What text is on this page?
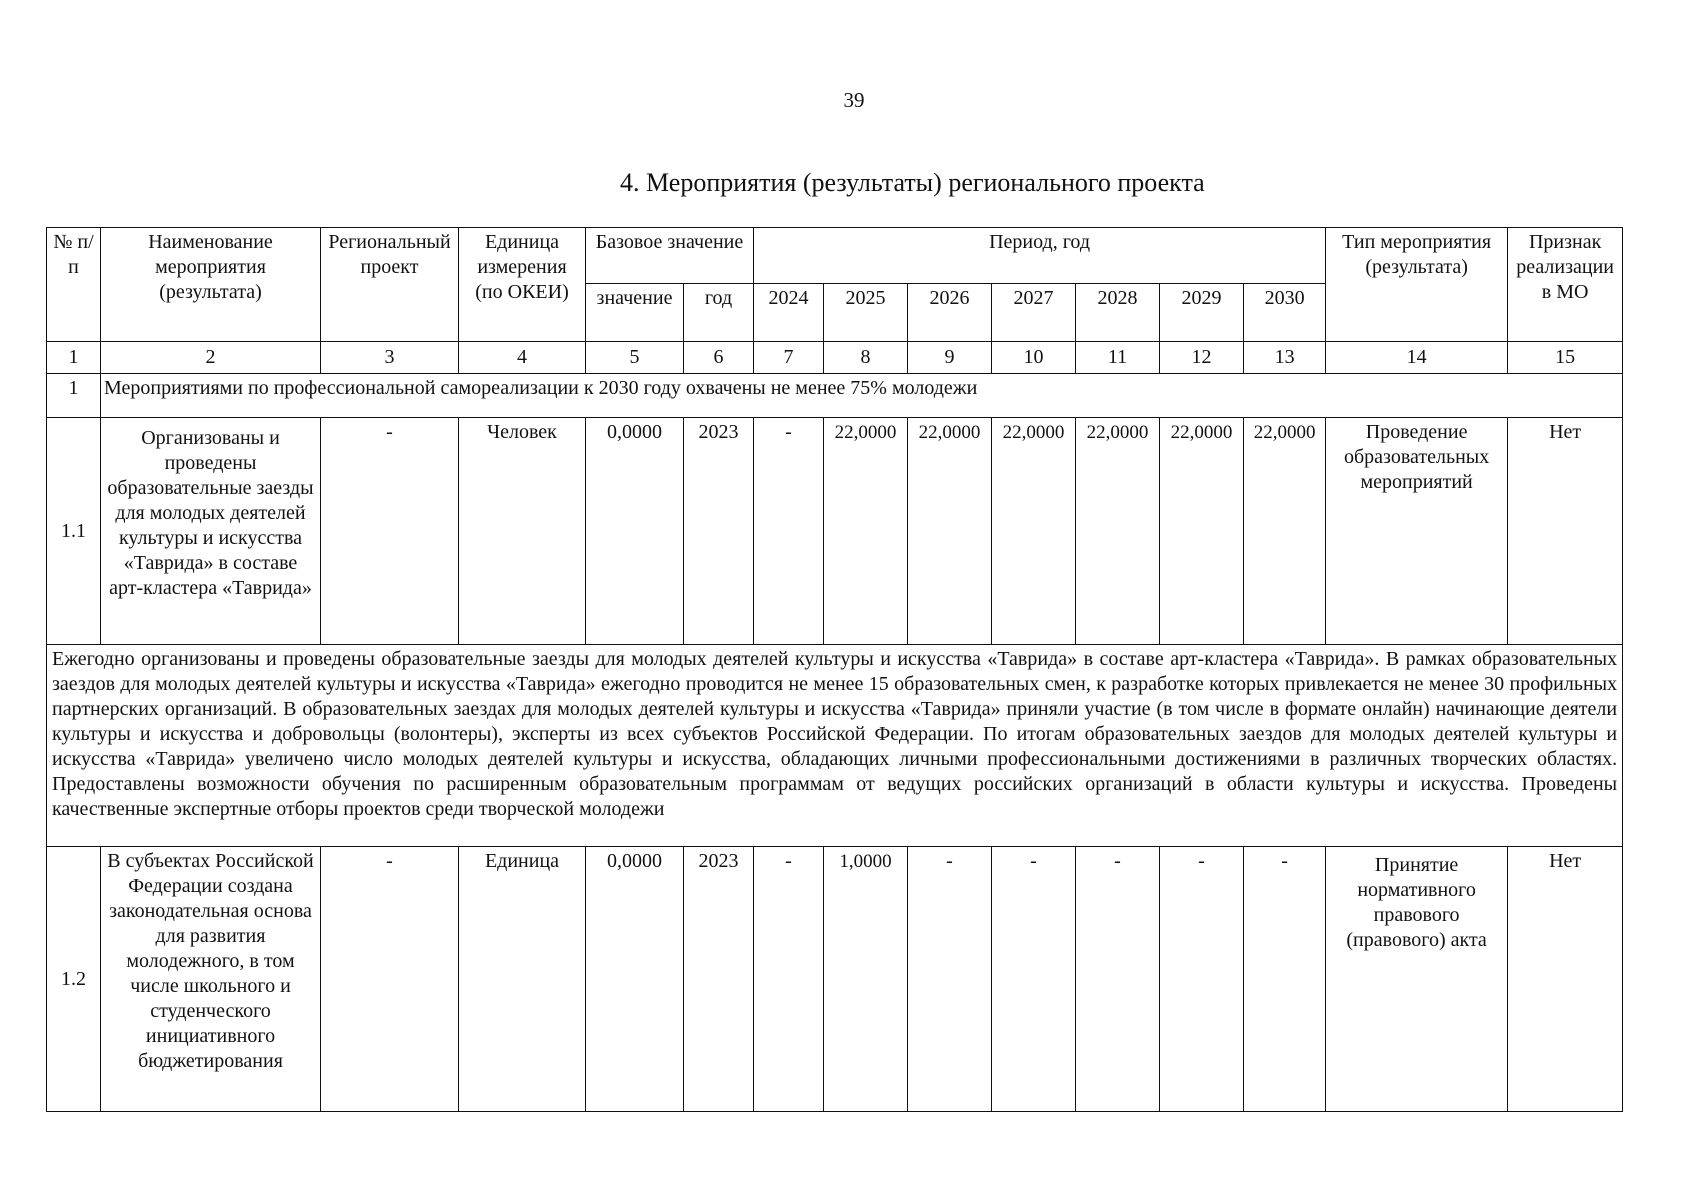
39
4. Мероприятия (результаты) регионального проекта
№ п/п	Наименование мероприятия (результата)	Региональный проект	Единица измерения (по ОКЕИ)	Базовое значение		Период, год							Тип мероприятия (результата)	Признак реализации в МО
				значение	год	2024	2025	2026	2027	2028	2029	2030		
1	2	3	4	5	6	7	8	9	10	11	12	13	14	15
1	Мероприятиями по профессиональной самореализации к 2030 году охвачены не менее 75% молодежи													
1.1	Организованы и проведены образовательные заезды для молодых деятелей культуры и искусства «Таврида» в составе арт-кластера «Таврида»	-	Человек	0,0000	2023	-	22,0000	22,0000	22,0000	22,0000	22,0000	22,0000	Проведение образовательных мероприятий	Нет
Ежегодно организованы и проведены образовательные заезды для молодых деятелей культуры и искусства «Таврида» в составе арт-кластера «Таврида». В рамках образовательных заездов для молодых деятелей культуры и искусства «Таврида» ежегодно проводится не менее 15 образовательных смен, к разработке которых привлекается не менее 30 профильных партнерских организаций. В образовательных заездах для молодых деятелей культуры и искусства «Таврида» приняли участие (в том числе в формате онлайн) начинающие деятели культуры и искусства и добровольцы (волонтеры), эксперты из всех субъектов Российской Федерации. По итогам образовательных заездов для молодых деятелей культуры и искусства «Таврида» увеличено число молодых деятелей культуры и искусства, обладающих личными профессиональными достижениями в различных творческих областях. Предоставлены возможности обучения по расширенным образовательным программам от ведущих российских организаций в области культуры и искусства. Проведены качественные экспертные отборы проектов среди творческой молодежи														
1.2	В субъектах Российской Федерации создана законодательная основа для развития молодежного, в том числе школьного и студенческого инициативного бюджетирования	-	Единица	0,0000	2023	-	1,0000	-	-	-	-	-	Принятие нормативного правового (правового) акта	Нет
